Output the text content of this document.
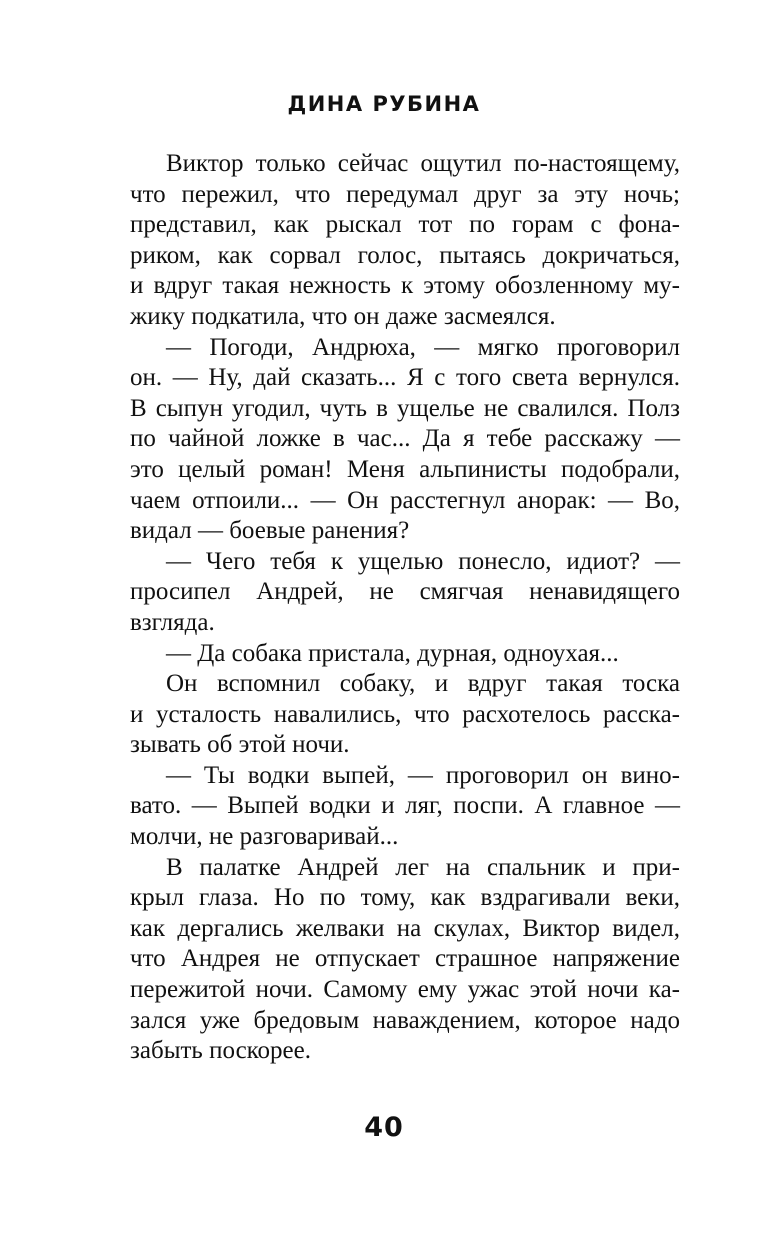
ДИНА РУБИНА
Виктор только сейчас ощутил по-настоящему,
что пережил, что передумал друг за эту ночь;
представил, как рыскал тот по горам с фона-
риком, как сорвал голос, пытаясь докричаться,
и вдруг такая нежность к этому обозленному му-
жику подкатила, что он даже засмеялся.
— Погоди, Андрюха, — мягко проговорил
он. — Ну, дай сказать... Я с того света вернулся.
В сыпун угодил, чуть в ущелье не свалился. Полз
по чайной ложке в час... Да я тебе расскажу —
это целый роман! Меня альпинисты подобрали,
чаем отпоили... — Он расстегнул анорак: — Во,
видал — боевые ранения?
— Чего тебя к ущелью понесло, идиот? —
просипел Андрей, не смягчая ненавидящего
взгляда.
— Да собака пристала, дурная, одноухая...
Он вспомнил собаку, и вдруг такая тоска
и усталость навалились, что расхотелось расска-
зывать об этой ночи.
— Ты водки выпей, — проговорил он вино-
вато. — Выпей водки и ляг, поспи. А главное —
молчи, не разговаривай...
В палатке Андрей лег на спальник и при-
крыл глаза. Но по тому, как вздрагивали веки,
как дергались желваки на скулах, Виктор видел,
что Андрея не отпускает страшное напряжение
пережитой ночи. Самому ему ужас этой ночи ка-
зался уже бредовым наваждением, которое надо
забыть поскорее.
40
